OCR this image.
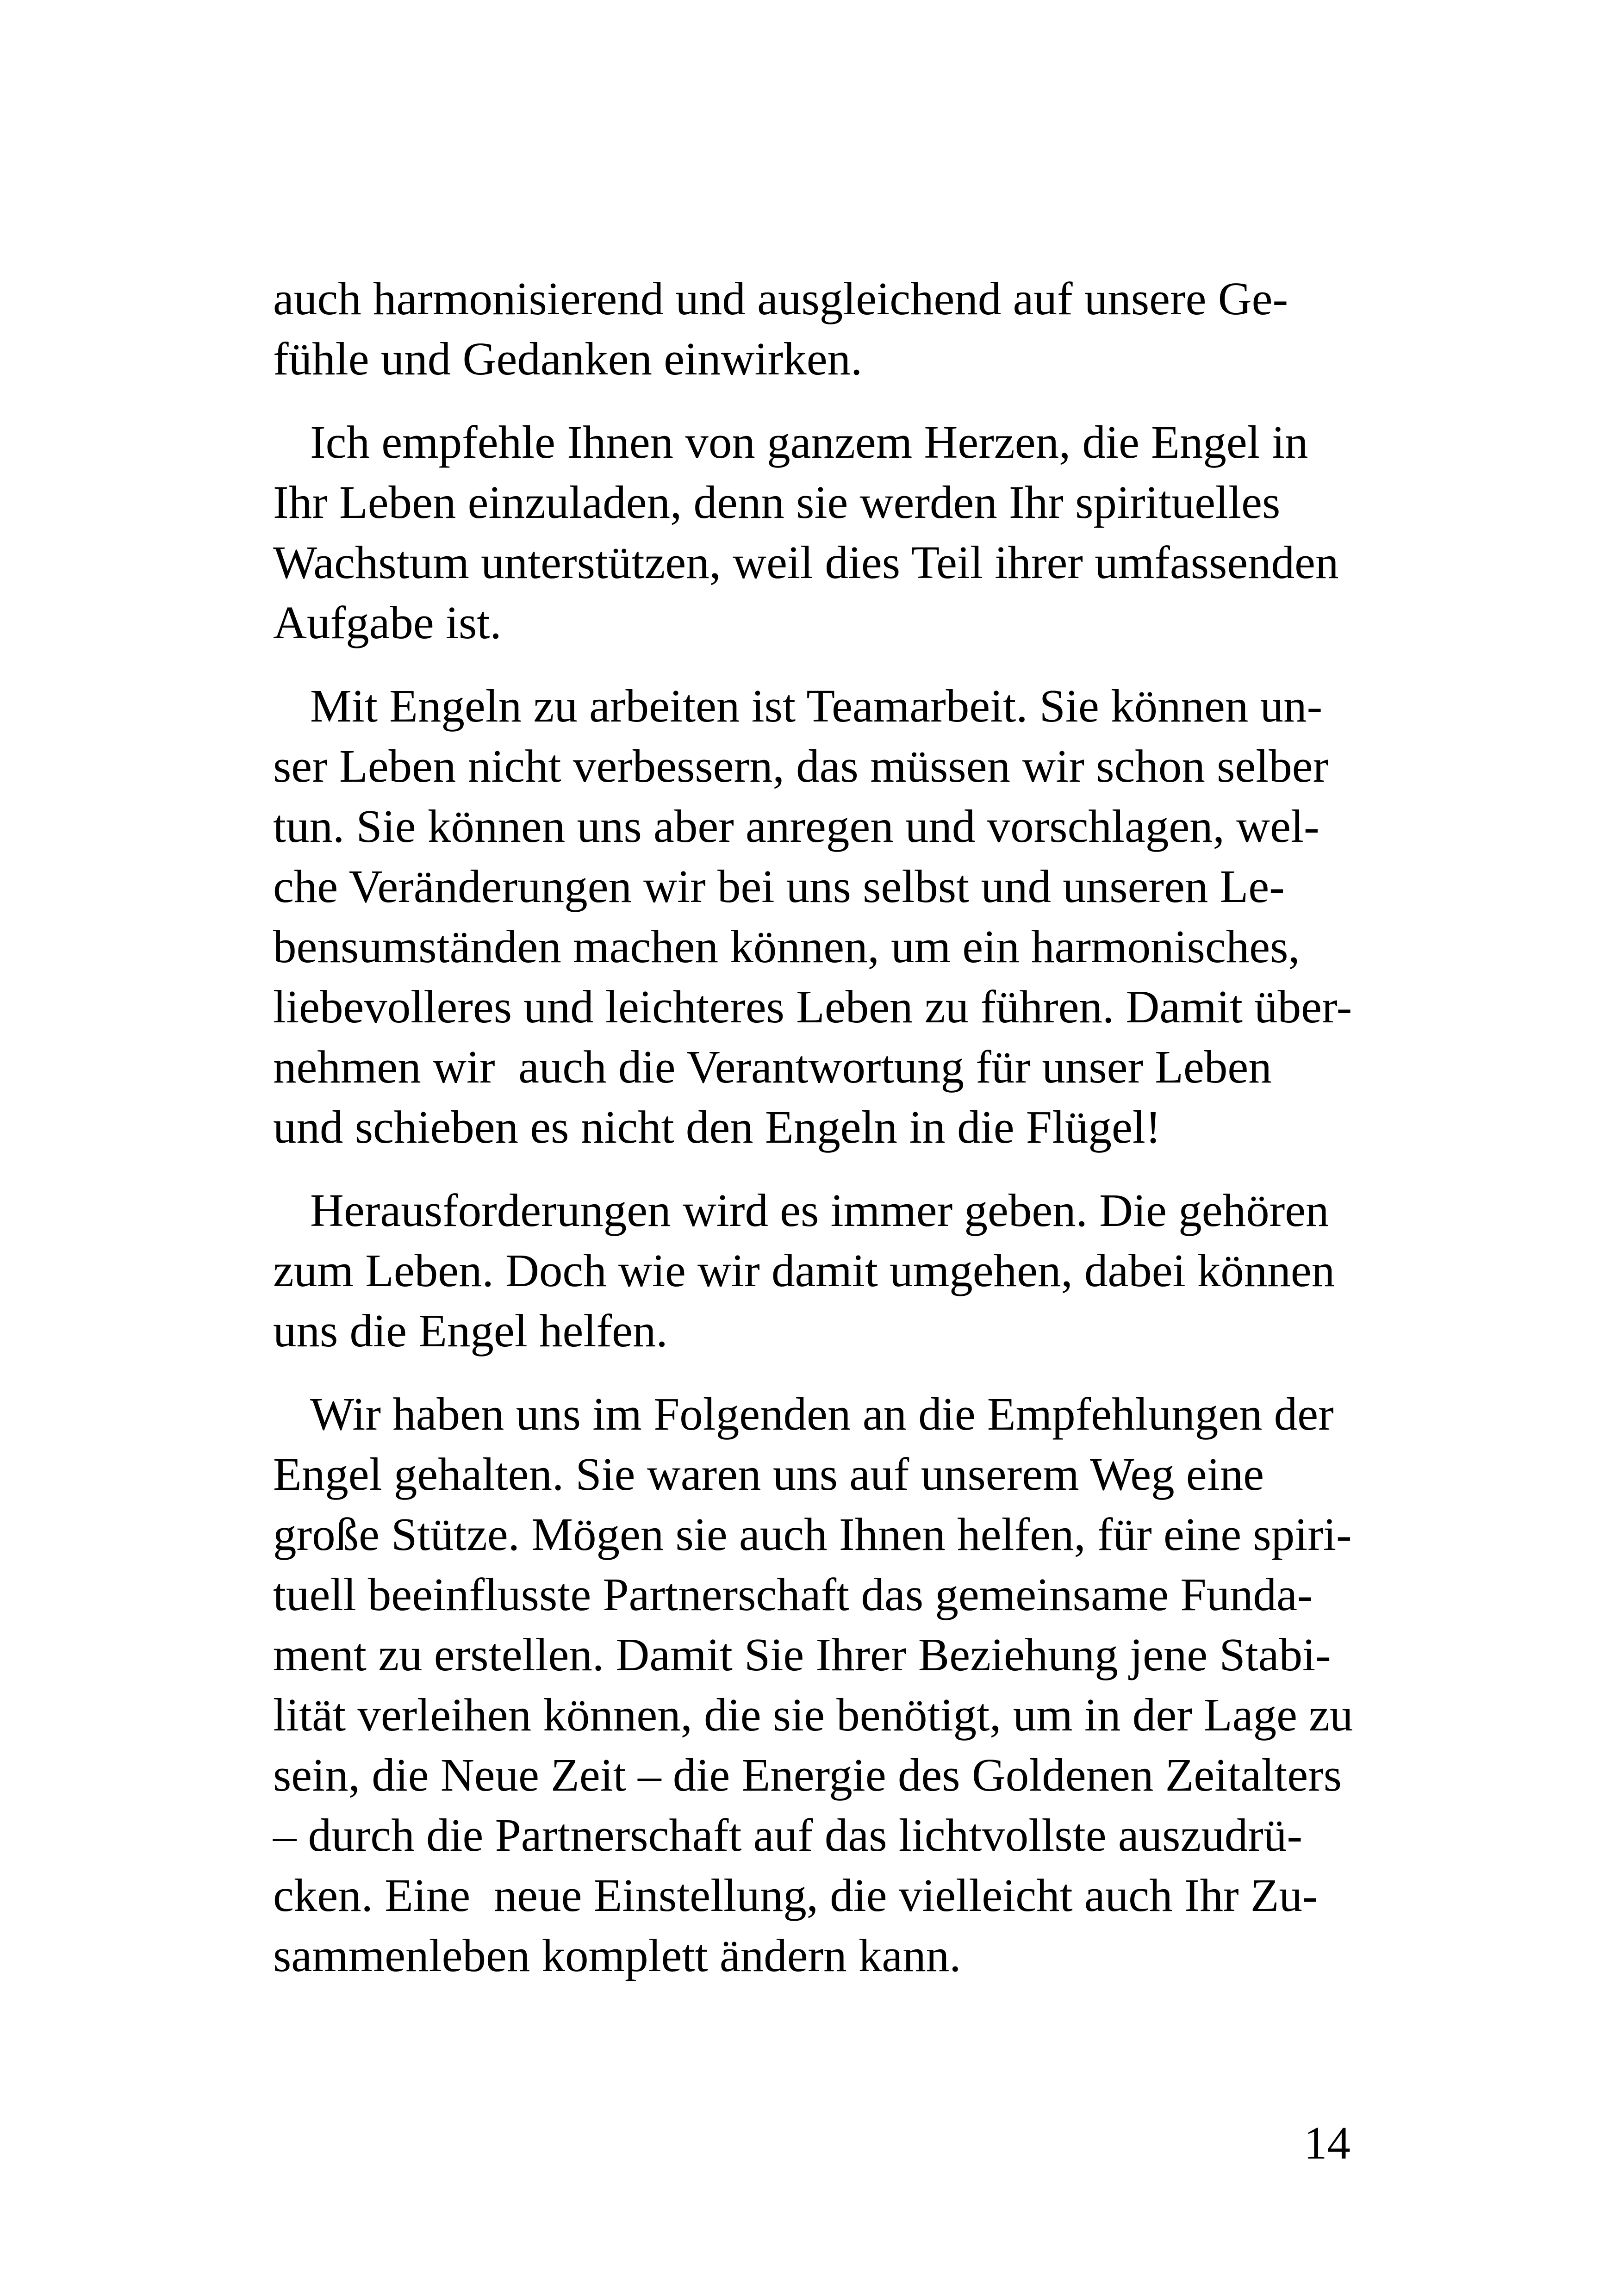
auch harmonisierend und ausgleichend auf unsere Ge-
fühle und Gedanken einwirken.

Ich empfehle Ihnen von ganzem Herzen, die Engel in
Ihr Leben einzuladen, denn sie werden Ihr spirituelles
Wachstum unterstützen, weil dies Teil ihrer umfassenden
Aufgabe ist.

Mit Engeln zu arbeiten ist Teamarbeit. Sie können un-
ser Leben nicht verbessern, das müssen wir schon selber
tun. Sie können uns aber anregen und vorschlagen, wel-
che Veränderungen wir bei uns selbst und unseren Le-
bensumständen machen können, um ein harmonisches,
liebevolleres und leichteres Leben zu führen. Damit über-
nehmen wir  auch die Verantwortung für unser Leben
und schieben es nicht den Engeln in die Flügel!

Herausforderungen wird es immer geben. Die gehören
zum Leben. Doch wie wir damit umgehen, dabei können
uns die Engel helfen.

Wir haben uns im Folgenden an die Empfehlungen der
Engel gehalten. Sie waren uns auf unserem Weg eine
große Stütze. Mögen sie auch Ihnen helfen, für eine spiri-
tuell beeinflusste Partnerschaft das gemeinsame Funda-
ment zu erstellen. Damit Sie Ihrer Beziehung jene Stabi-
lität verleihen können, die sie benötigt, um in der Lage zu
sein, die Neue Zeit – die Energie des Goldenen Zeitalters
– durch die Partnerschaft auf das lichtvollste auszudrü-
cken. Eine  neue Einstellung, die vielleicht auch Ihr Zu-
sammenleben komplett ändern kann.

14
